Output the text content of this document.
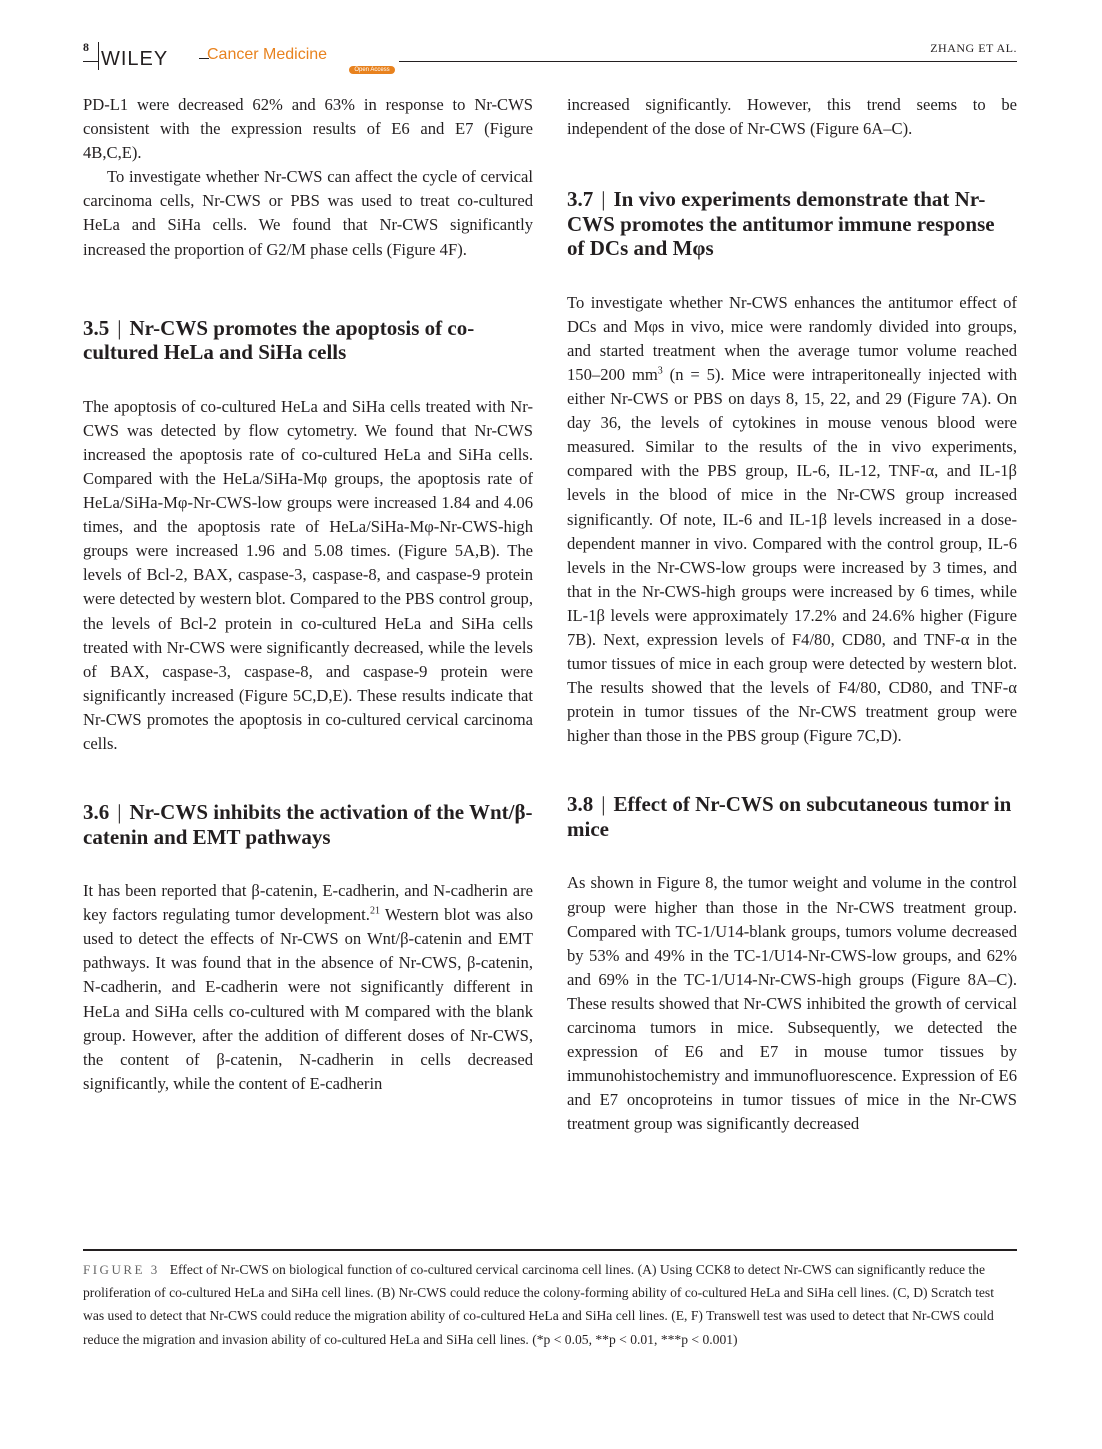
8
WILEY Cancer Medicine
Open Access
ZHANG ET AL.

PD-L1 were decreased 62% and 63% in response to Nr-CWS consistent with the expression results of E6 and E7 (Figure 4B,C,E).

To investigate whether Nr-CWS can affect the cycle of cervical carcinoma cells, Nr-CWS or PBS was used to treat co-cultured HeLa and SiHa cells. We found that Nr-CWS significantly increased the proportion of G2/M phase cells (Figure 4F).

3.5 | Nr-CWS promotes the apoptosis of co-cultured HeLa and SiHa cells

The apoptosis of co-cultured HeLa and SiHa cells treated with Nr-CWS was detected by flow cytometry. We found that Nr-CWS increased the apoptosis rate of co-cultured HeLa and SiHa cells. Compared with the HeLa/SiHa-Mφ groups, the apoptosis rate of HeLa/SiHa-Mφ-Nr-CWS-low groups were increased 1.84 and 4.06 times, and the apoptosis rate of HeLa/SiHa-Mφ-Nr-CWS-high groups were increased 1.96 and 5.08 times. (Figure 5A,B). The levels of Bcl-2, BAX, caspase-3, caspase-8, and caspase-9 protein were detected by western blot. Compared to the PBS control group, the levels of Bcl-2 protein in co-cultured HeLa and SiHa cells treated with Nr-CWS were significantly decreased, while the levels of BAX, caspase-3, caspase-8, and caspase-9 protein were significantly increased (Figure 5C,D,E). These results indicate that Nr-CWS promotes the apoptosis in co-cultured cervical carcinoma cells.

3.6 | Nr-CWS inhibits the activation of the Wnt/β-catenin and EMT pathways

It has been reported that β-catenin, E-cadherin, and N-cadherin are key factors regulating tumor development.$^{21}$ Western blot was also used to detect the effects of Nr-CWS on Wnt/β-catenin and EMT pathways. It was found that in the absence of Nr-CWS, β-catenin, N-cadherin, and E-cadherin were not significantly different in HeLa and SiHa cells co-cultured with M compared with the blank group. However, after the addition of different doses of Nr-CWS, the content of β-catenin, N-cadherin in cells decreased significantly, while the content of E-cadherin

increased significantly. However, this trend seems to be independent of the dose of Nr-CWS (Figure 6A–C).

3.7 | In vivo experiments demonstrate that Nr-CWS promotes the antitumor immune response of DCs and Mφs

To investigate whether Nr-CWS enhances the antitumor effect of DCs and Mφs in vivo, mice were randomly divided into groups, and started treatment when the average tumor volume reached 150–200 $mm^3$ (n = 5). Mice were intraperitoneally injected with either Nr-CWS or PBS on days 8, 15, 22, and 29 (Figure 7A). On day 36, the levels of cytokines in mouse venous blood were measured. Similar to the results of the in vivo experiments, compared with the PBS group, IL-6, IL-12, TNF-α, and IL-1β levels in the blood of mice in the Nr-CWS group increased significantly. Of note, IL-6 and IL-1β levels increased in a dose-dependent manner in vivo. Compared with the control group, IL-6 levels in the Nr-CWS-low groups were increased by 3 times, and that in the Nr-CWS-high groups were increased by 6 times, while IL-1β levels were approximately 17.2% and 24.6% higher (Figure 7B). Next, expression levels of F4/80, CD80, and TNF-α in the tumor tissues of mice in each group were detected by western blot. The results showed that the levels of F4/80, CD80, and TNF-α protein in tumor tissues of the Nr-CWS treatment group were higher than those in the PBS group (Figure 7C,D).

3.8 | Effect of Nr-CWS on subcutaneous tumor in mice

As shown in Figure 8, the tumor weight and volume in the control group were higher than those in the Nr-CWS treatment group. Compared with TC-1/U14-blank groups, tumors volume decreased by 53% and 49% in the TC-1/U14-Nr-CWS-low groups, and 62% and 69% in the TC-1/U14-Nr-CWS-high groups (Figure 8A–C). These results showed that Nr-CWS inhibited the growth of cervical carcinoma tumors in mice. Subsequently, we detected the expression of E6 and E7 in mouse tumor tissues by immunohistochemistry and immunofluorescence. Expression of E6 and E7 oncoproteins in tumor tissues of mice in the Nr-CWS treatment group was significantly decreased

FIGURE 3 Effect of Nr-CWS on biological function of co-cultured cervical carcinoma cell lines. (A) Using CCK8 to detect Nr-CWS can significantly reduce the proliferation of co-cultured HeLa and SiHa cell lines. (B) Nr-CWS could reduce the colony-forming ability of co-cultured HeLa and SiHa cell lines. (C, D) Scratch test was used to detect that Nr-CWS could reduce the migration ability of co-cultured HeLa and SiHa cell lines. (E, F) Transwell test was used to detect that Nr-CWS could reduce the migration and invasion ability of co-cultured HeLa and SiHa cell lines. (*p < 0.05, **p < 0.01, ***p < 0.001)
